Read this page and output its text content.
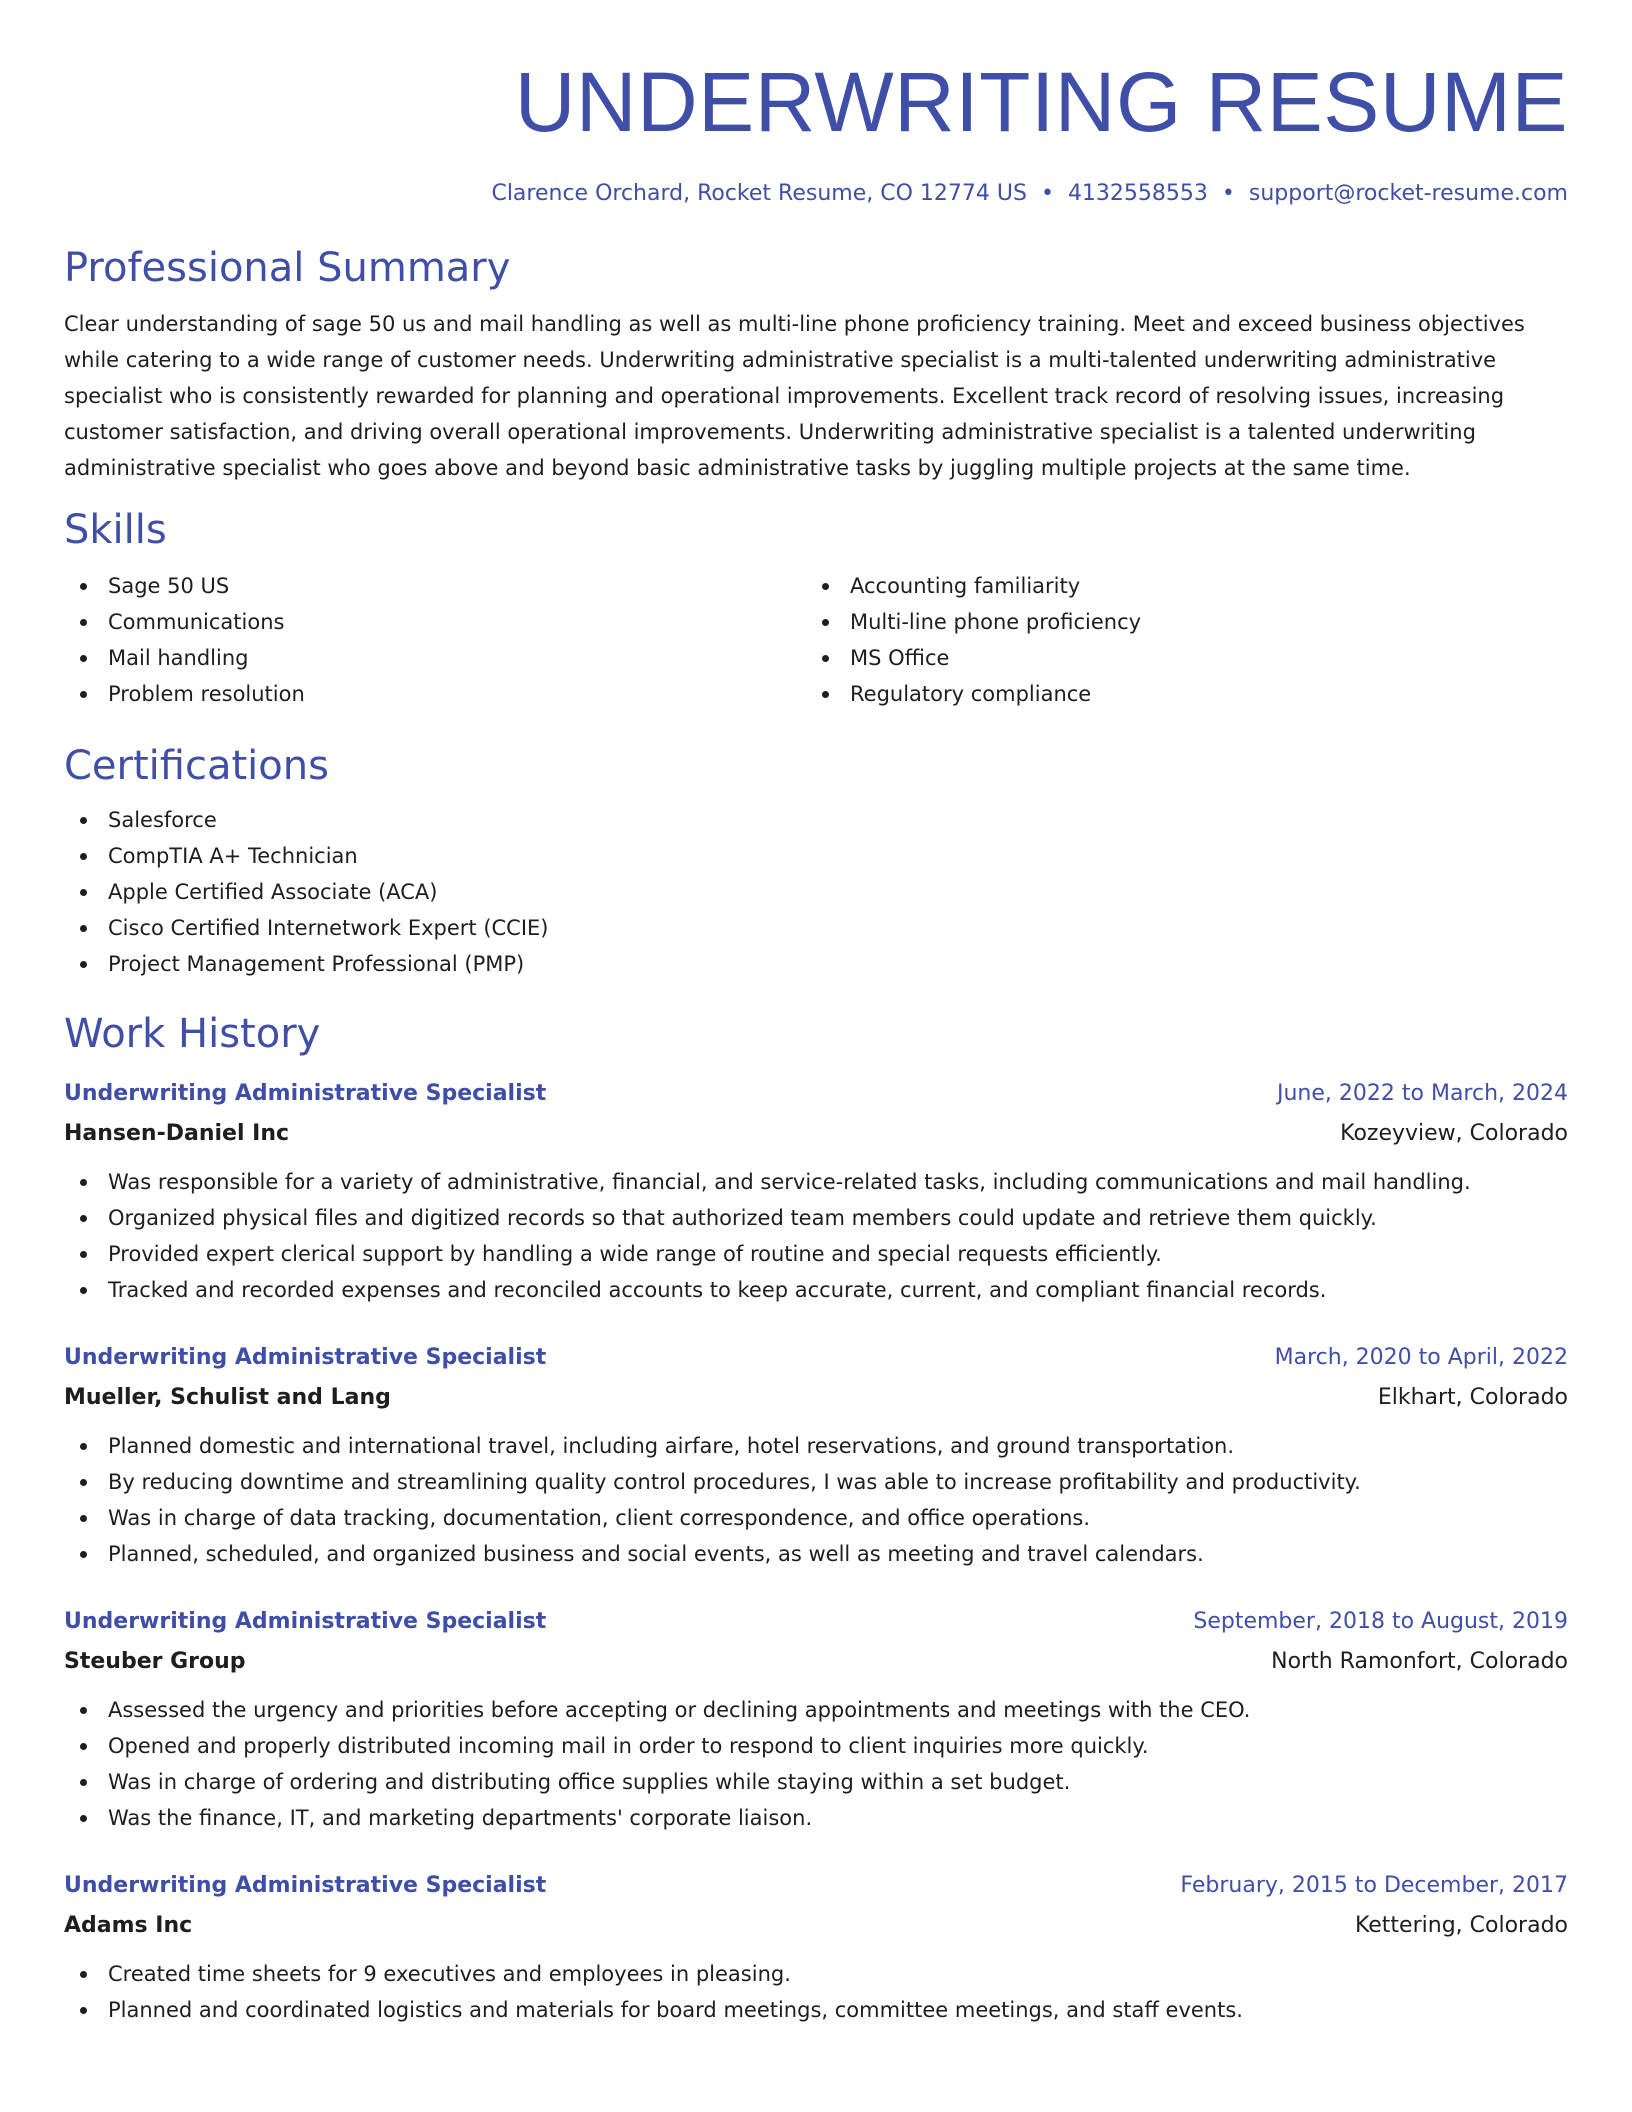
UNDERWRITING RESUME
Clarence Orchard, Rocket Resume, CO 12774 US • 4132558553 • support@rocket-resume.com
Professional Summary

Clear understanding of sage 50 us and mail handling as well as multi-line phone proficiency training. Meet and exceed business objectives while catering to a wide range of customer needs. Underwriting administrative specialist is a multi-talented underwriting administrative specialist who is consistently rewarded for planning and operational improvements. Excellent track record of resolving issues, increasing customer satisfaction, and driving overall operational improvements. Underwriting administrative specialist is a talented underwriting administrative specialist who goes above and beyond basic administrative tasks by juggling multiple projects at the same time.

Skills
Sage 50 US
Communications
Mail handling
Problem resolution
Accounting familiarity
Multi-line phone proficiency
MS Office
Regulatory compliance
Certifications
Salesforce
CompTIA A+ Technician
Apple Certified Associate (ACA)
Cisco Certified Internetwork Expert (CCIE)
Project Management Professional (PMP)
Work History
Underwriting Administrative Specialist	June, 2022 to March, 2024
Hansen-Daniel Inc	Kozeyview, Colorado
Was responsible for a variety of administrative, financial, and service-related tasks, including communications and mail handling.
Organized physical files and digitized records so that authorized team members could update and retrieve them quickly.
Provided expert clerical support by handling a wide range of routine and special requests efficiently.
Tracked and recorded expenses and reconciled accounts to keep accurate, current, and compliant financial records.
Underwriting Administrative Specialist	March, 2020 to April, 2022
Mueller, Schulist and Lang	Elkhart, Colorado
Planned domestic and international travel, including airfare, hotel reservations, and ground transportation.
By reducing downtime and streamlining quality control procedures, I was able to increase profitability and productivity.
Was in charge of data tracking, documentation, client correspondence, and office operations.
Planned, scheduled, and organized business and social events, as well as meeting and travel calendars.
Underwriting Administrative Specialist	September, 2018 to August, 2019
Steuber Group	North Ramonfort, Colorado
Assessed the urgency and priorities before accepting or declining appointments and meetings with the CEO.
Opened and properly distributed incoming mail in order to respond to client inquiries more quickly.
Was in charge of ordering and distributing office supplies while staying within a set budget.
Was the finance, IT, and marketing departments' corporate liaison.
Underwriting Administrative Specialist	February, 2015 to December, 2017
Adams Inc	Kettering, Colorado
Created time sheets for 9 executives and employees in pleasing.
Planned and coordinated logistics and materials for board meetings, committee meetings, and staff events.
